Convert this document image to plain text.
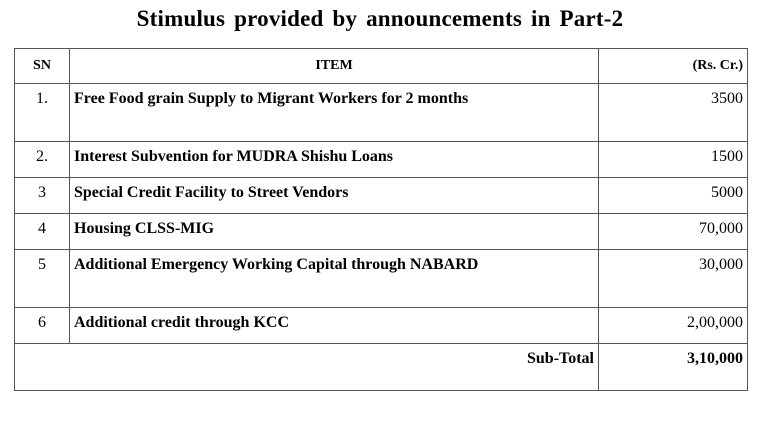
Stimulus provided by announcements in Part-2
SN	ITEM	(Rs. Cr.)
1.	Free Food grain Supply to Migrant Workers for 2 months	3500
2.	Interest Subvention for MUDRA Shishu Loans	1500
3	Special Credit Facility to Street Vendors	5000
4	Housing CLSS-MIG	70,000
5	Additional Emergency Working Capital through NABARD	30,000
6	Additional credit through KCC	2,00,000
Sub-Total		3,10,000
